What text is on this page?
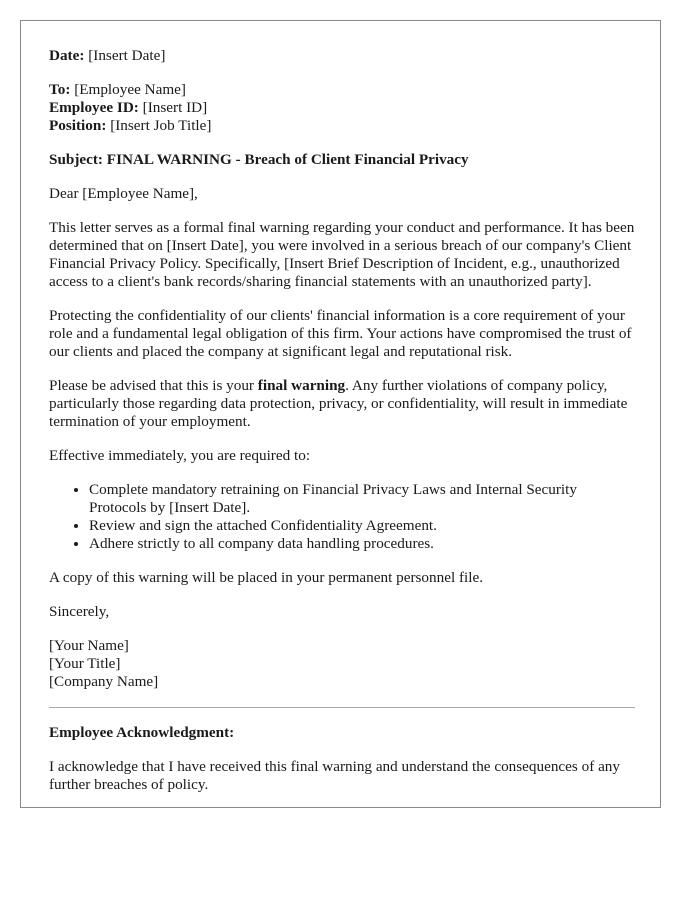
Date: [Insert Date]

To: [Employee Name]
Employee ID: [Insert ID]
Position: [Insert Job Title]

Subject: FINAL WARNING - Breach of Client Financial Privacy

Dear [Employee Name],

This letter serves as a formal final warning regarding your conduct and performance. It has been determined that on [Insert Date], you were involved in a serious breach of our company's Client Financial Privacy Policy. Specifically, [Insert Brief Description of Incident, e.g., unauthorized access to a client's bank records/sharing financial statements with an unauthorized party].

Protecting the confidentiality of our clients' financial information is a core requirement of your role and a fundamental legal obligation of this firm. Your actions have compromised the trust of our clients and placed the company at significant legal and reputational risk.

Please be advised that this is your final warning. Any further violations of company policy, particularly those regarding data protection, privacy, or confidentiality, will result in immediate termination of your employment.

Effective immediately, you are required to:

• Complete mandatory retraining on Financial Privacy Laws and Internal Security Protocols by [Insert Date].
• Review and sign the attached Confidentiality Agreement.
• Adhere strictly to all company data handling procedures.

A copy of this warning will be placed in your permanent personnel file.

Sincerely,

[Your Name]
[Your Title]
[Company Name]

Employee Acknowledgment:

I acknowledge that I have received this final warning and understand the consequences of any further breaches of policy.
